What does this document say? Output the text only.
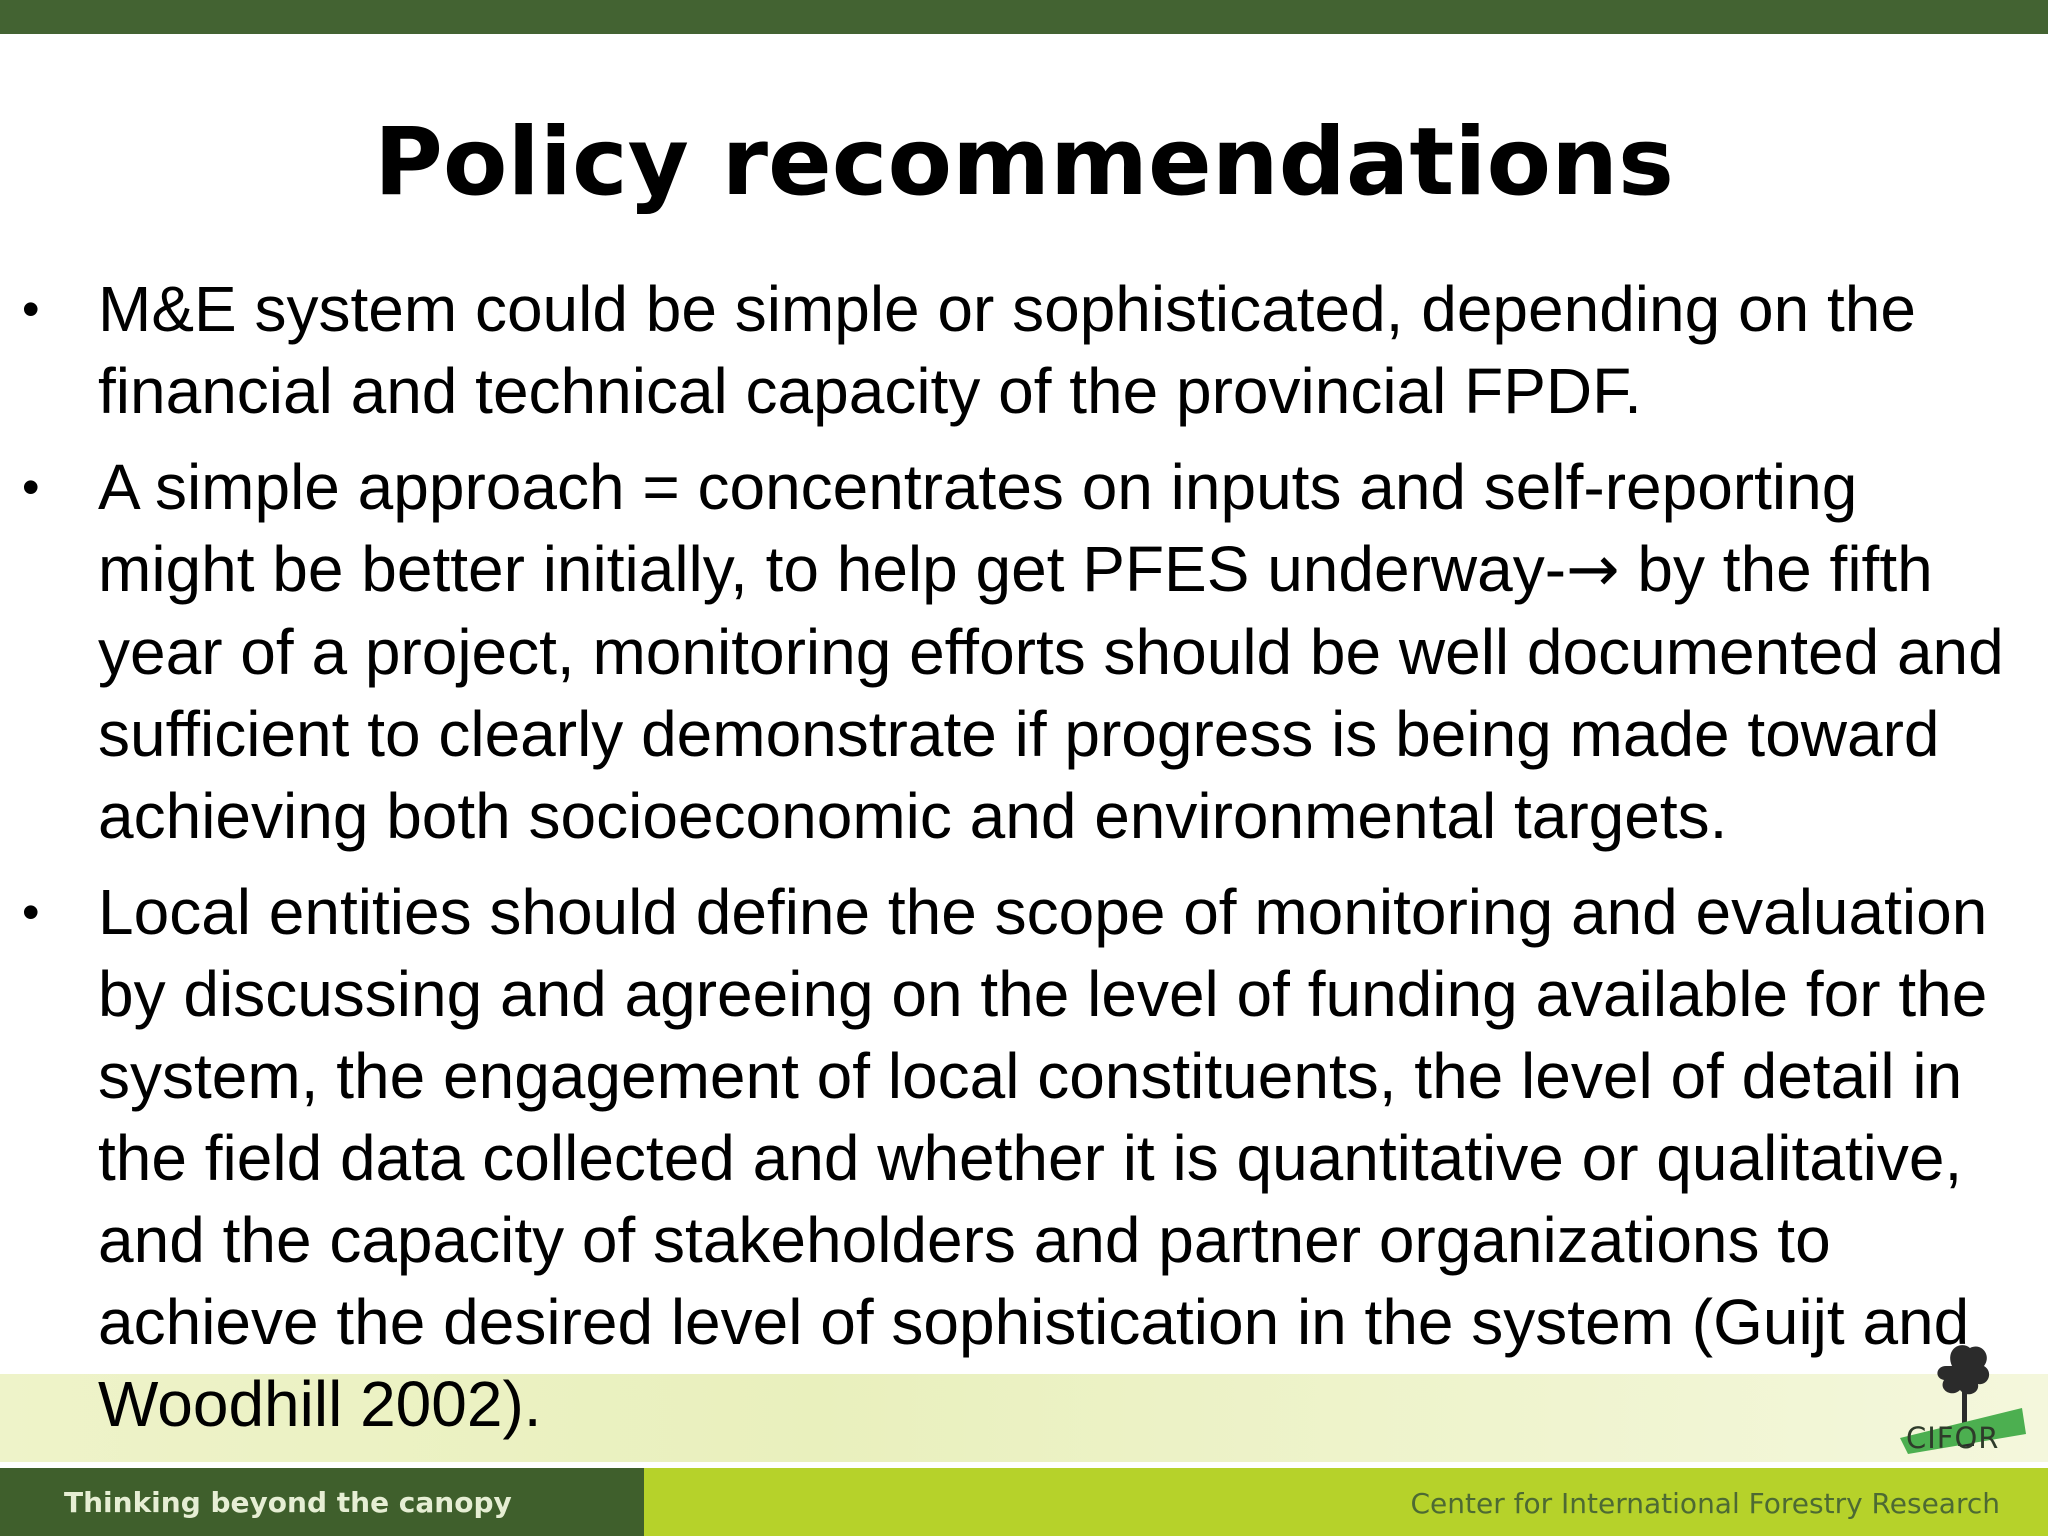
Policy recommendations
Thinking beyond the canopy	Center for International Forestry Research
CIFOR
• M&E system could be simple or sophisticated, depending on the financial and technical capacity of the provincial FPDF.
• A simple approach = concentrates on inputs and self-reporting might be better initially, to help get PFES underway-→ by the fifth year of a project, monitoring efforts should be well documented and sufficient to clearly demonstrate if progress is being made toward achieving both socioeconomic and environmental targets.
• Local entities should define the scope of monitoring and evaluation by discussing and agreeing on the level of funding available for the system, the engagement of local constituents, the level of detail in the field data collected and whether it is quantitative or qualitative, and the capacity of stakeholders and partner organizations to achieve the desired level of sophistication in the system (Guijt and Woodhill 2002).
